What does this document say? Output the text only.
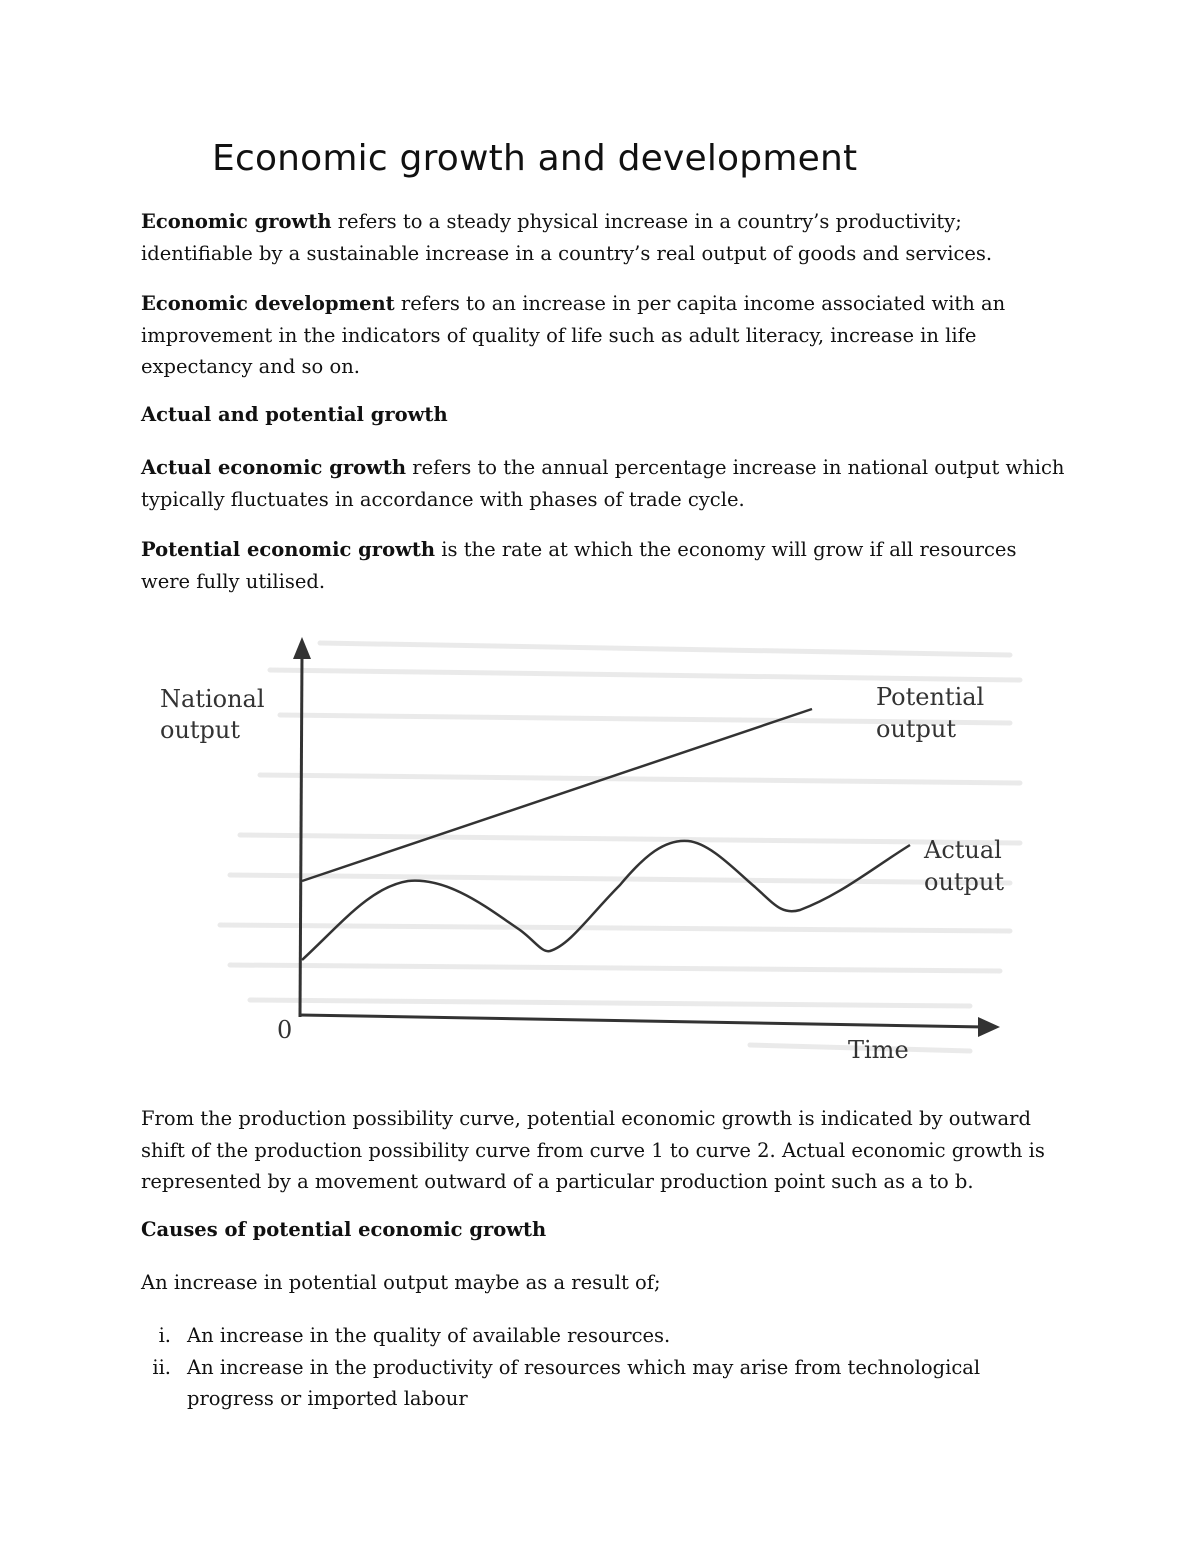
Economic growth and development

Economic growth refers to a steady physical increase in a country’s productivity; identifiable by a sustainable increase in a country’s real output of goods and services.

Economic development refers to an increase in per capita income associated with an improvement in the indicators of quality of life such as adult literacy, increase in life expectancy and so on.

Actual and potential growth

Actual economic growth refers to the annual percentage increase in national output which typically fluctuates in accordance with phases of trade cycle.

Potential economic growth is the rate at which the economy will grow if all resources were fully utilised.

National
output
Potential
output
Actual
output
0
Time

From the production possibility curve, potential economic growth is indicated by outward shift of the production possibility curve from curve 1 to curve 2. Actual economic growth is represented by a movement outward of a particular production point such as a to b.

Causes of potential economic growth

An increase in potential output maybe as a result of;

i. An increase in the quality of available resources.
ii. An increase in the productivity of resources which may arise from technological progress or imported labour
